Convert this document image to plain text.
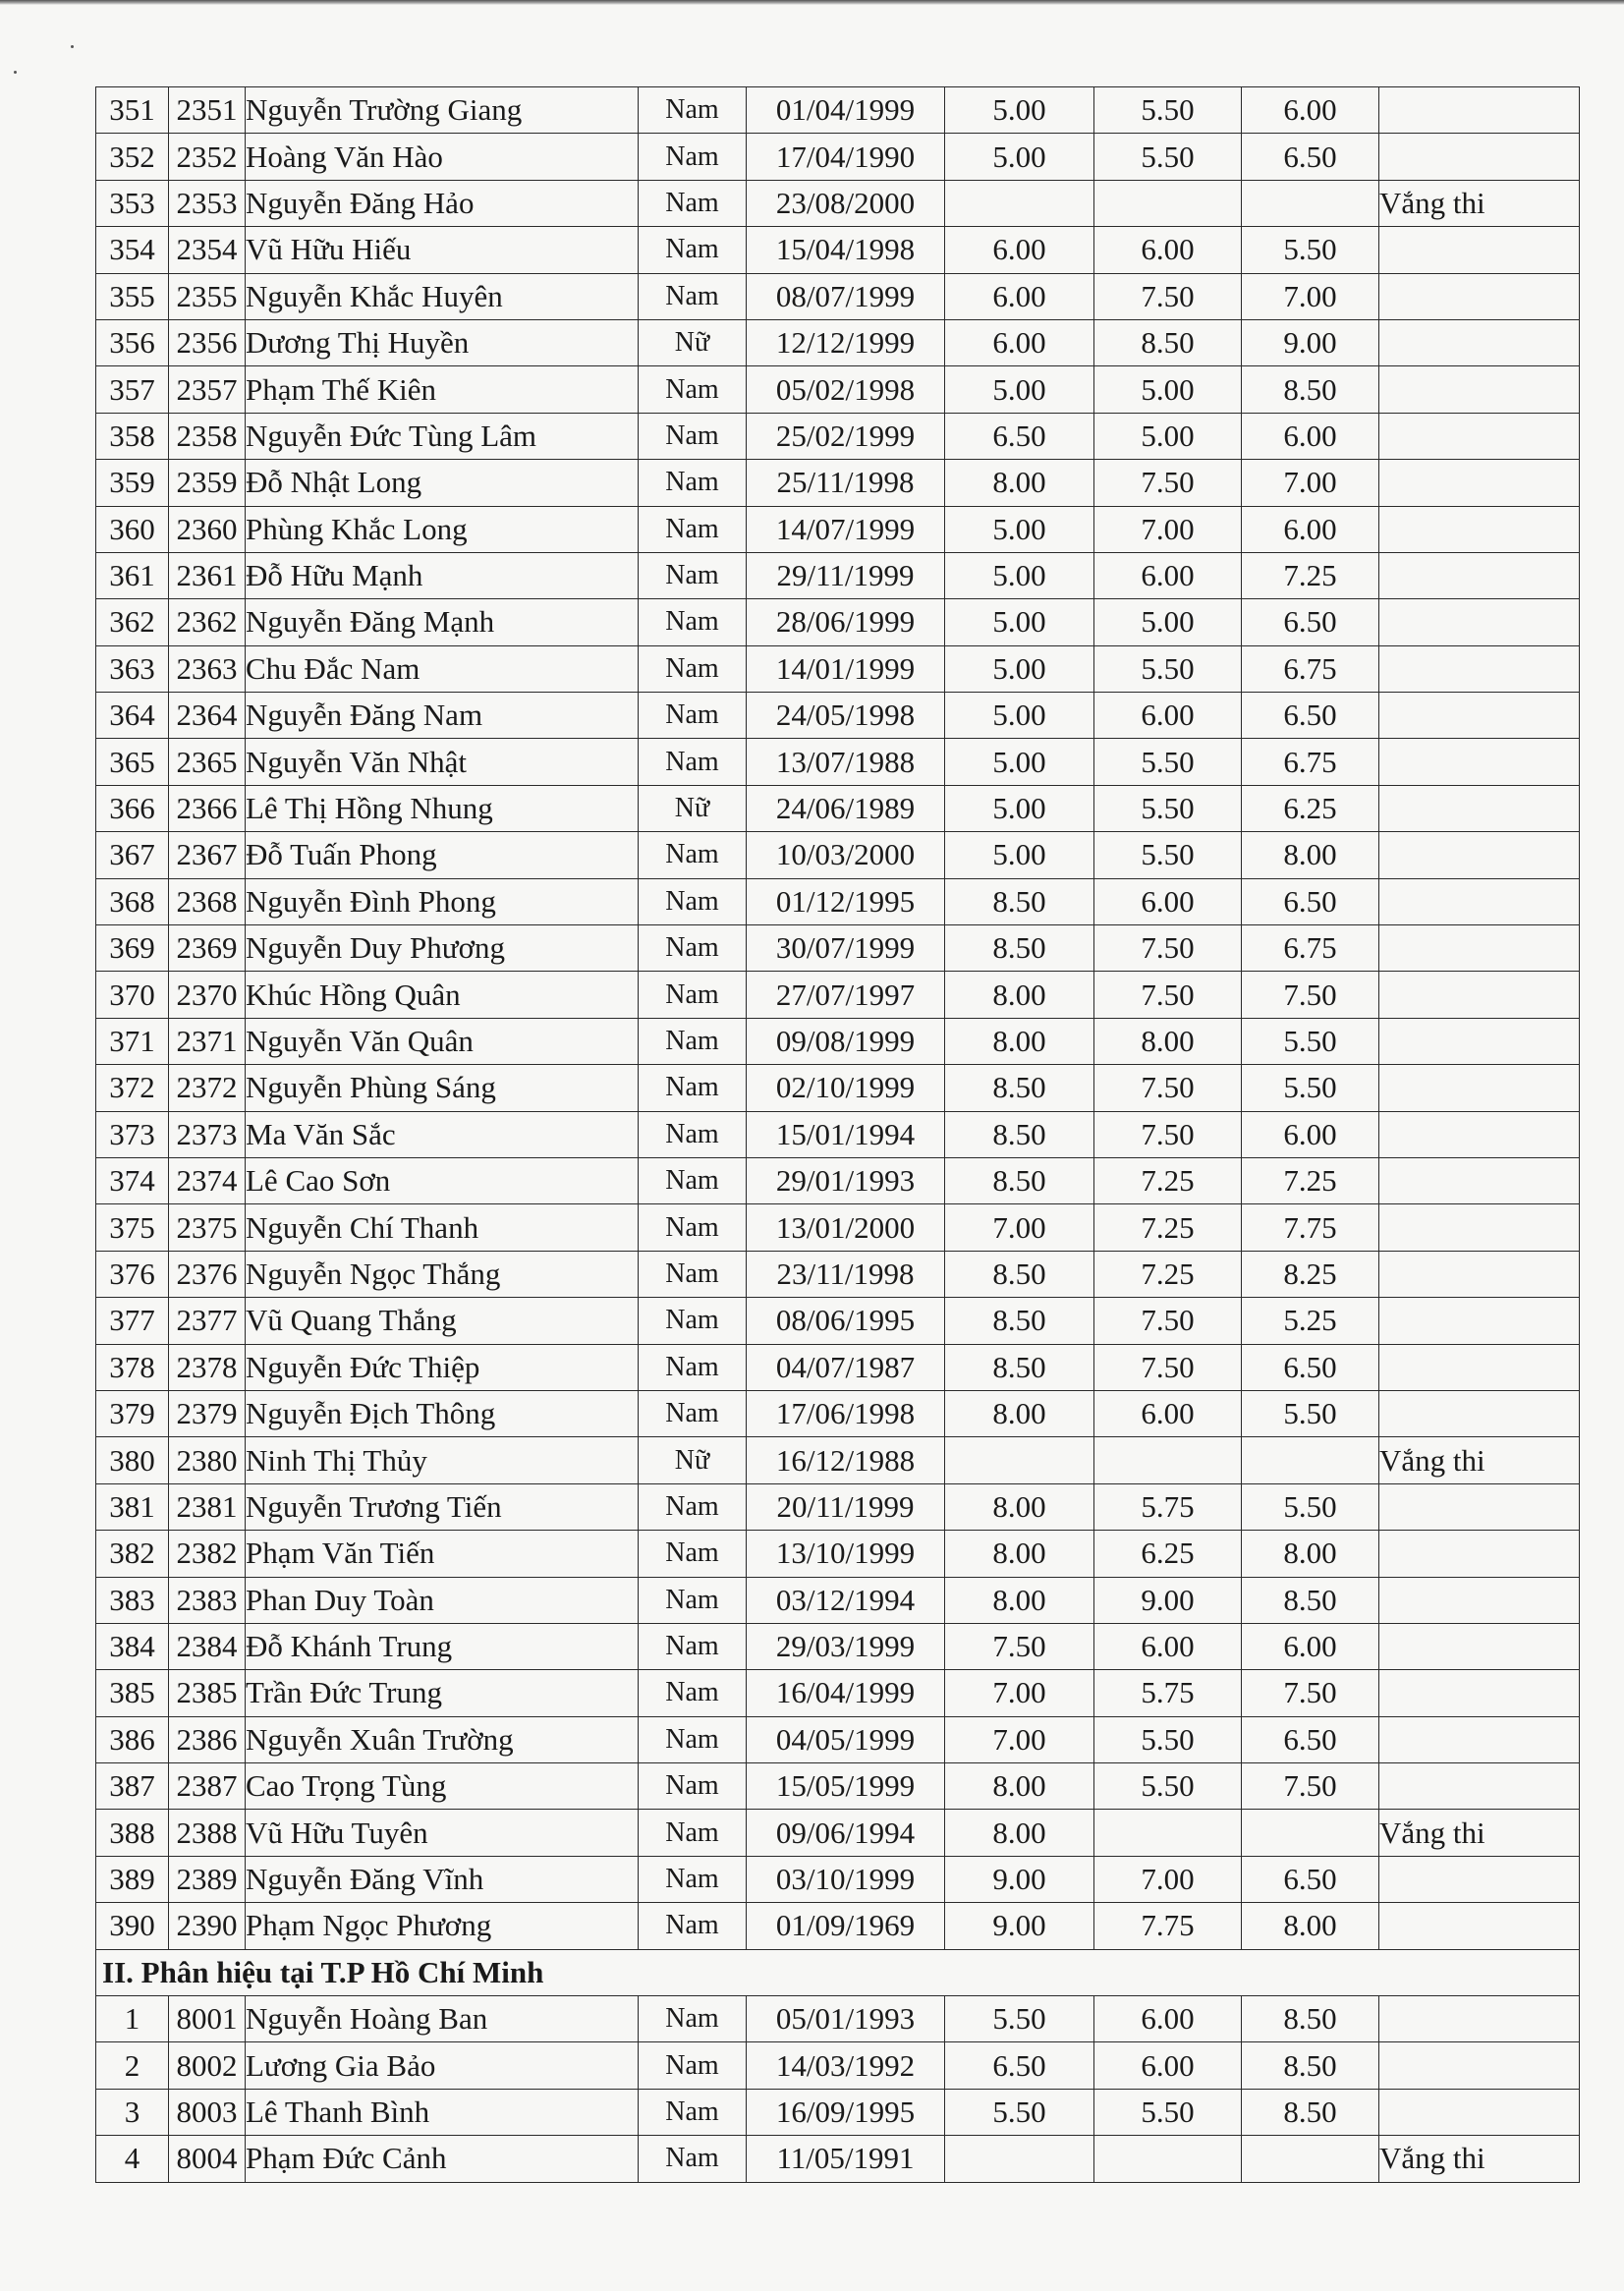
351	2351	Nguyễn Trường Giang	Nam	01/04/1999	5.00	5.50	6.00	
352	2352	Hoàng Văn Hào	Nam	17/04/1990	5.00	5.50	6.50	
353	2353	Nguyễn Đăng Hảo	Nam	23/08/2000				Vắng thi
354	2354	Vũ Hữu Hiếu	Nam	15/04/1998	6.00	6.00	5.50	
355	2355	Nguyễn Khắc Huyên	Nam	08/07/1999	6.00	7.50	7.00	
356	2356	Dương Thị Huyền	Nữ	12/12/1999	6.00	8.50	9.00	
357	2357	Phạm Thế Kiên	Nam	05/02/1998	5.00	5.00	8.50	
358	2358	Nguyễn Đức Tùng Lâm	Nam	25/02/1999	6.50	5.00	6.00	
359	2359	Đỗ Nhật Long	Nam	25/11/1998	8.00	7.50	7.00	
360	2360	Phùng Khắc Long	Nam	14/07/1999	5.00	7.00	6.00	
361	2361	Đỗ Hữu Mạnh	Nam	29/11/1999	5.00	6.00	7.25	
362	2362	Nguyễn Đăng Mạnh	Nam	28/06/1999	5.00	5.00	6.50	
363	2363	Chu Đắc Nam	Nam	14/01/1999	5.00	5.50	6.75	
364	2364	Nguyễn Đăng Nam	Nam	24/05/1998	5.00	6.00	6.50	
365	2365	Nguyễn Văn Nhật	Nam	13/07/1988	5.00	5.50	6.75	
366	2366	Lê Thị Hồng Nhung	Nữ	24/06/1989	5.00	5.50	6.25	
367	2367	Đỗ Tuấn Phong	Nam	10/03/2000	5.00	5.50	8.00	
368	2368	Nguyễn Đình Phong	Nam	01/12/1995	8.50	6.00	6.50	
369	2369	Nguyễn Duy Phương	Nam	30/07/1999	8.50	7.50	6.75	
370	2370	Khúc Hồng Quân	Nam	27/07/1997	8.00	7.50	7.50	
371	2371	Nguyễn Văn Quân	Nam	09/08/1999	8.00	8.00	5.50	
372	2372	Nguyễn Phùng Sáng	Nam	02/10/1999	8.50	7.50	5.50	
373	2373	Ma Văn Sắc	Nam	15/01/1994	8.50	7.50	6.00	
374	2374	Lê Cao Sơn	Nam	29/01/1993	8.50	7.25	7.25	
375	2375	Nguyễn Chí Thanh	Nam	13/01/2000	7.00	7.25	7.75	
376	2376	Nguyễn Ngọc Thắng	Nam	23/11/1998	8.50	7.25	8.25	
377	2377	Vũ Quang Thắng	Nam	08/06/1995	8.50	7.50	5.25	
378	2378	Nguyễn Đức Thiệp	Nam	04/07/1987	8.50	7.50	6.50	
379	2379	Nguyễn Địch Thông	Nam	17/06/1998	8.00	6.00	5.50	
380	2380	Ninh Thị Thủy	Nữ	16/12/1988				Vắng thi
381	2381	Nguyễn Trương Tiến	Nam	20/11/1999	8.00	5.75	5.50	
382	2382	Phạm Văn Tiến	Nam	13/10/1999	8.00	6.25	8.00	
383	2383	Phan Duy Toàn	Nam	03/12/1994	8.00	9.00	8.50	
384	2384	Đỗ Khánh Trung	Nam	29/03/1999	7.50	6.00	6.00	
385	2385	Trần Đức Trung	Nam	16/04/1999	7.00	5.75	7.50	
386	2386	Nguyễn Xuân Trường	Nam	04/05/1999	7.00	5.50	6.50	
387	2387	Cao Trọng Tùng	Nam	15/05/1999	8.00	5.50	7.50	
388	2388	Vũ Hữu Tuyên	Nam	09/06/1994	8.00			Vắng thi
389	2389	Nguyễn Đăng Vĩnh	Nam	03/10/1999	9.00	7.00	6.50	
390	2390	Phạm Ngọc Phương	Nam	01/09/1969	9.00	7.75	8.00	
II. Phân hiệu tại T.P Hồ Chí Minh								
1	8001	Nguyễn Hoàng Ban	Nam	05/01/1993	5.50	6.00	8.50	
2	8002	Lương Gia Bảo	Nam	14/03/1992	6.50	6.00	8.50	
3	8003	Lê Thanh Bình	Nam	16/09/1995	5.50	5.50	8.50	
4	8004	Phạm Đức Cảnh	Nam	11/05/1991				Vắng thi
